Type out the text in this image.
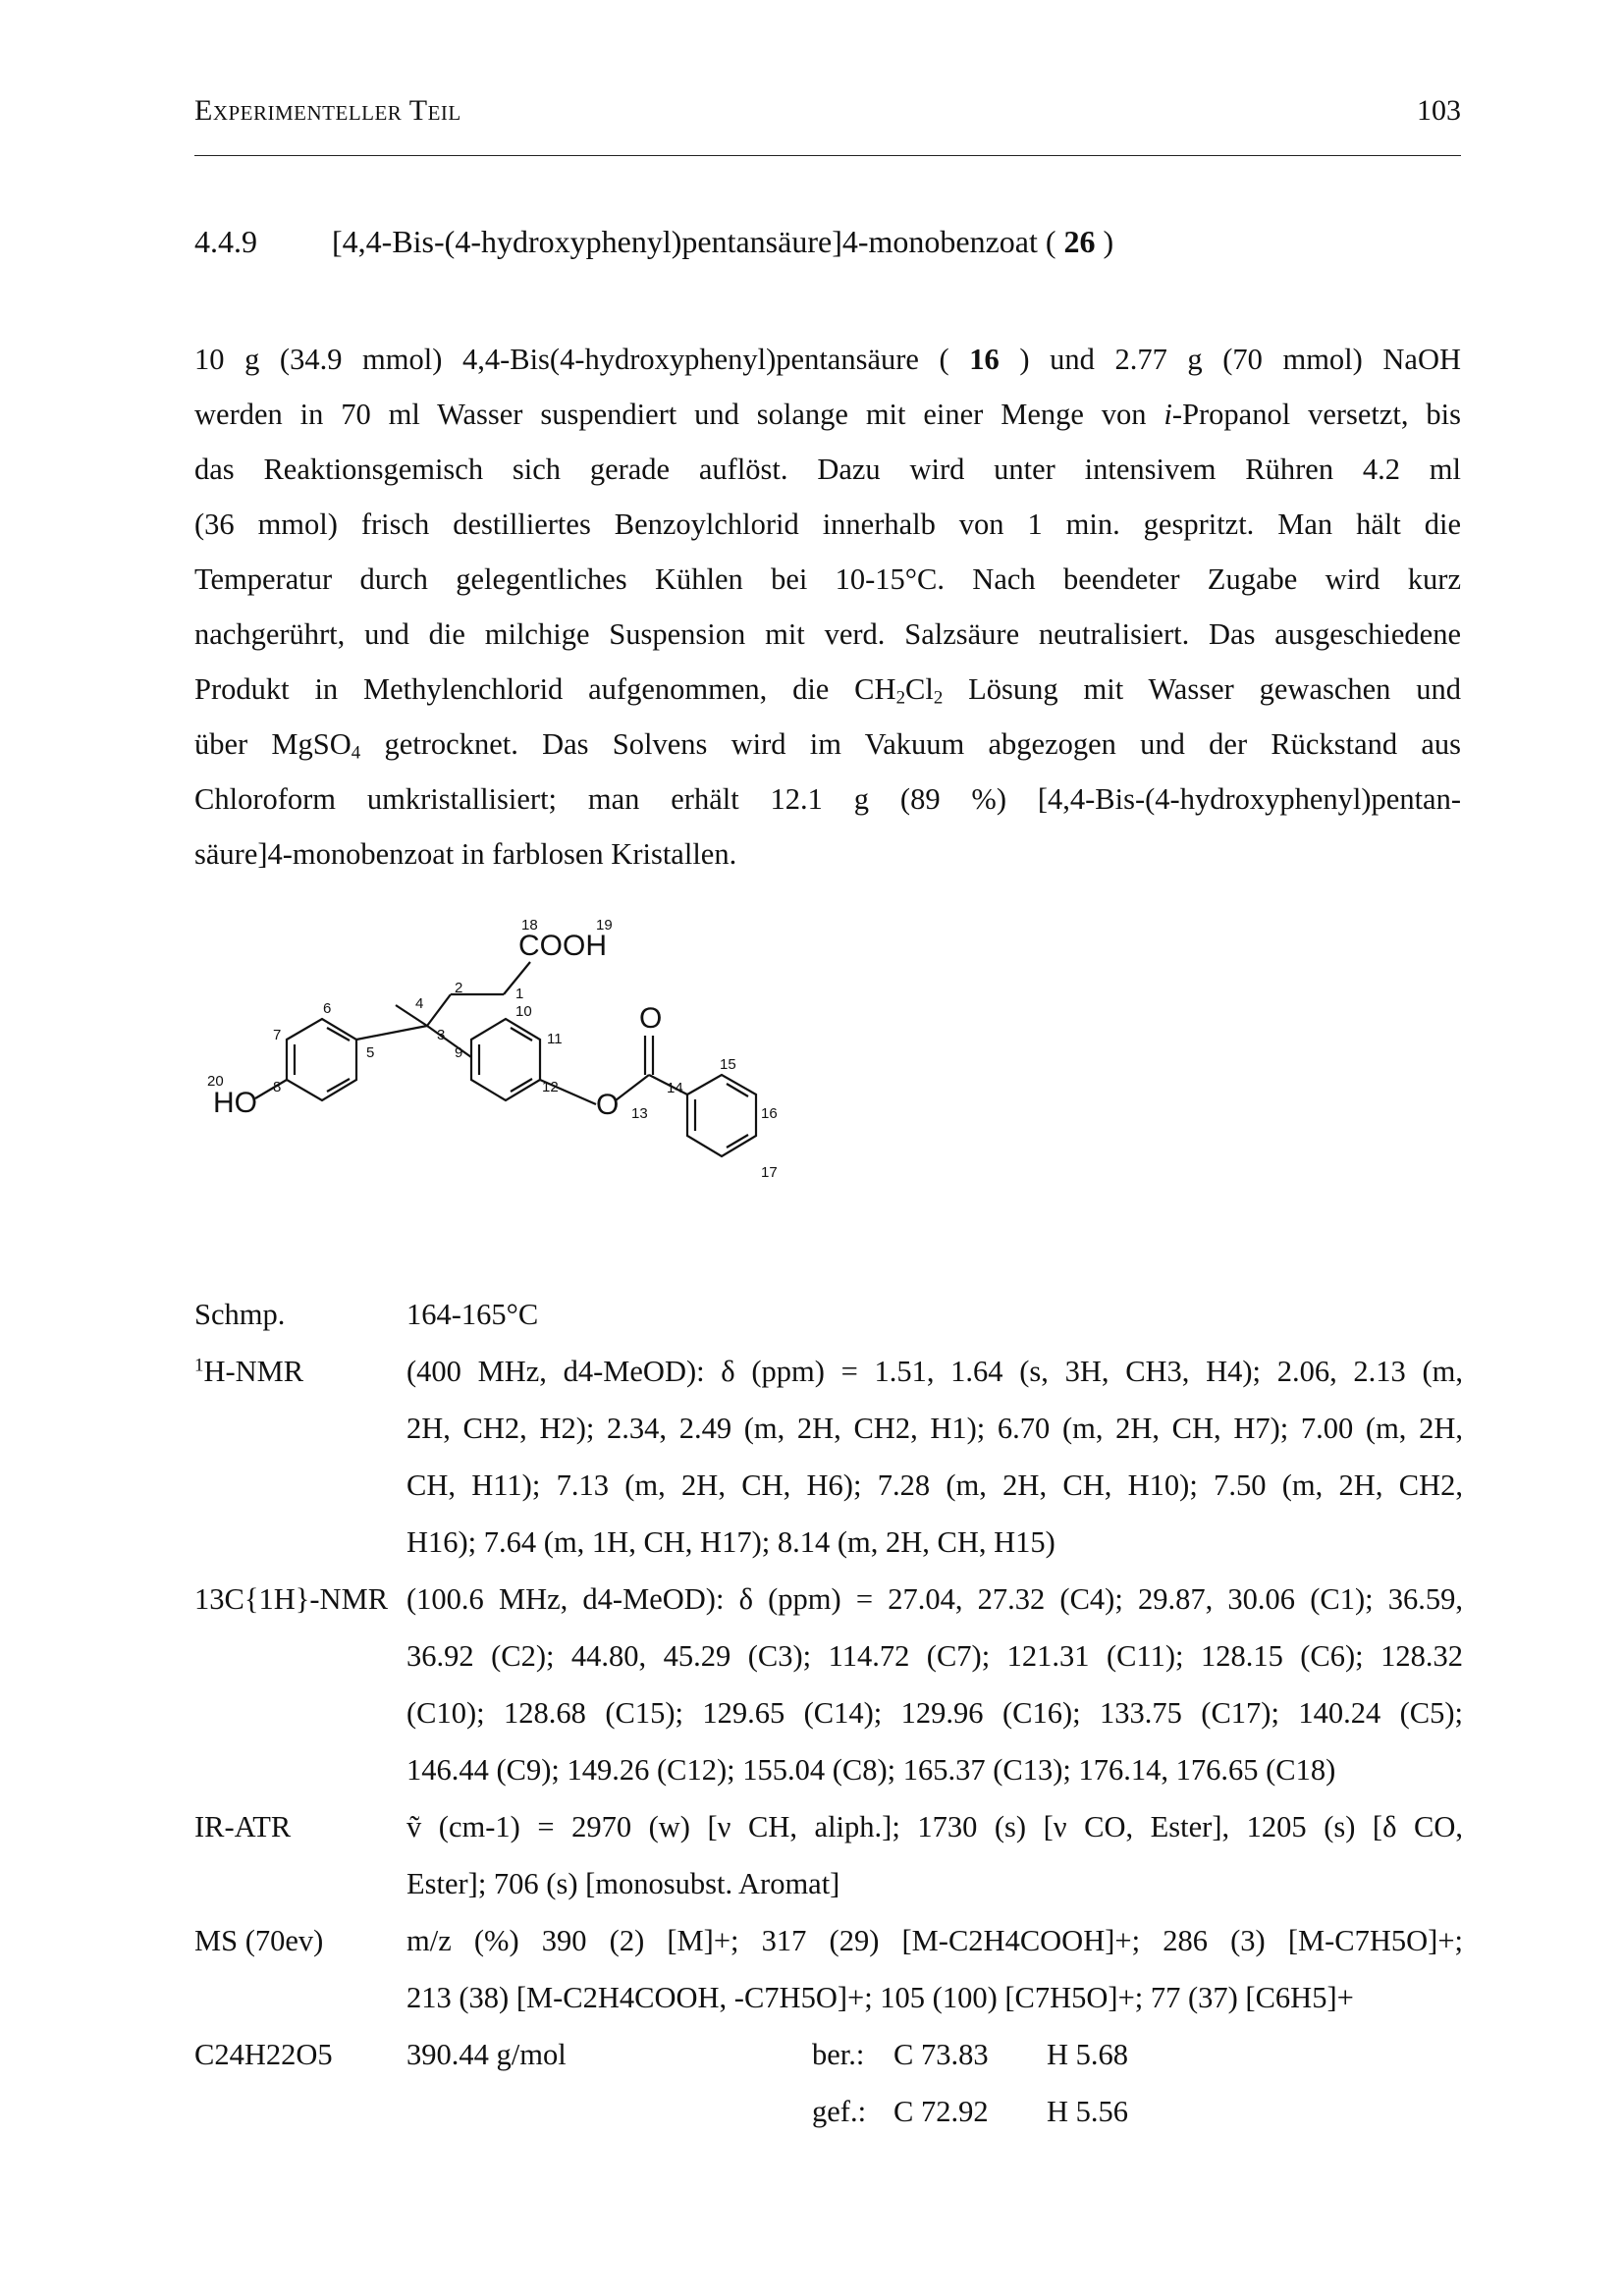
Experimenteller Teil	103
4.4.9 [4,4-Bis-(4-hydroxyphenyl)pentansäure]4-monobenzoat ( 26 )
10 g (34.9 mmol) 4,4-Bis(4-hydroxyphenyl)pentansäure ( 16 ) und 2.77 g (70 mmol) NaOH
werden in 70 ml Wasser suspendiert und solange mit einer Menge von i-Propanol versetzt, bis
das Reaktionsgemisch sich gerade auflöst. Dazu wird unter intensivem Rühren 4.2 ml
(36 mmol) frisch destilliertes Benzoylchlorid innerhalb von 1 min. gespritzt. Man hält die
Temperatur durch gelegentliches Kühlen bei 10-15°C. Nach beendeter Zugabe wird kurz
nachgerührt, und die milchige Suspension mit verd. Salzsäure neutralisiert. Das ausgeschiedene
Produkt in Methylenchlorid aufgenommen, die $CH_2Cl_2$ Lösung mit Wasser gewaschen und
über MgSO$_4$ getrocknet. Das Solvens wird im Vakuum abgezogen und der Rückstand aus
Chloroform umkristallisiert; man erhält 12.1 g (89 %) [4,4-Bis-(4-hydroxyphenyl)pentan-
säure]4-monobenzoat in farblosen Kristallen.
COOH
HO
O
O
1
2
3
4
5
6
7
8
9
10
11
12
13
14
15
16
17
18	19
20
Schmp.	164-165°C
$^1$H-NMR	(400 MHz, d4-MeOD): δ (ppm) = 1.51, 1.64 (s, 3H, CH3, H4); 2.06, 2.13 (m,
2H, CH2, H2); 2.34, 2.49 (m, 2H, CH2, H1); 6.70 (m, 2H, CH, H7); 7.00 (m, 2H,
CH, H11); 7.13 (m, 2H, CH, H6); 7.28 (m, 2H, CH, H10); 7.50 (m, 2H, CH2,
H16); 7.64 (m, 1H, CH, H17); 8.14 (m, 2H, CH, H15)
13C{1H}-NMR (100.6 MHz, d4-MeOD): δ (ppm) = 27.04, 27.32 (C4); 29.87, 30.06 (C1); 36.59,
36.92 (C2); 44.80, 45.29 (C3); 114.72 (C7); 121.31 (C11); 128.15 (C6); 128.32
(C10); 128.68 (C15); 129.65 (C14); 129.96 (C16); 133.75 (C17); 140.24 (C5);
146.44 (C9); 149.26 (C12); 155.04 (C8); 165.37 (C13); 176.14, 176.65 (C18)
IR-ATR	ṽ (cm-1) = 2970 (w) [ν CH, aliph.]; 1730 (s) [ν CO, Ester], 1205 (s) [δ CO,
Ester]; 706 (s) [monosubst. Aromat]
MS (70ev)	m/z (%) 390 (2) [M]+; 317 (29) [M-C2H4COOH]+; 286 (3) [M-C7H5O]+;
213 (38) [M-C2H4COOH, -C7H5O]+; 105 (100) [C7H5O]+; 77 (37) [C6H5]+
C24H22O5 390.44 g/mol	ber.: C 73.83 H 5.68
gef.: C 72.92 H 5.56
